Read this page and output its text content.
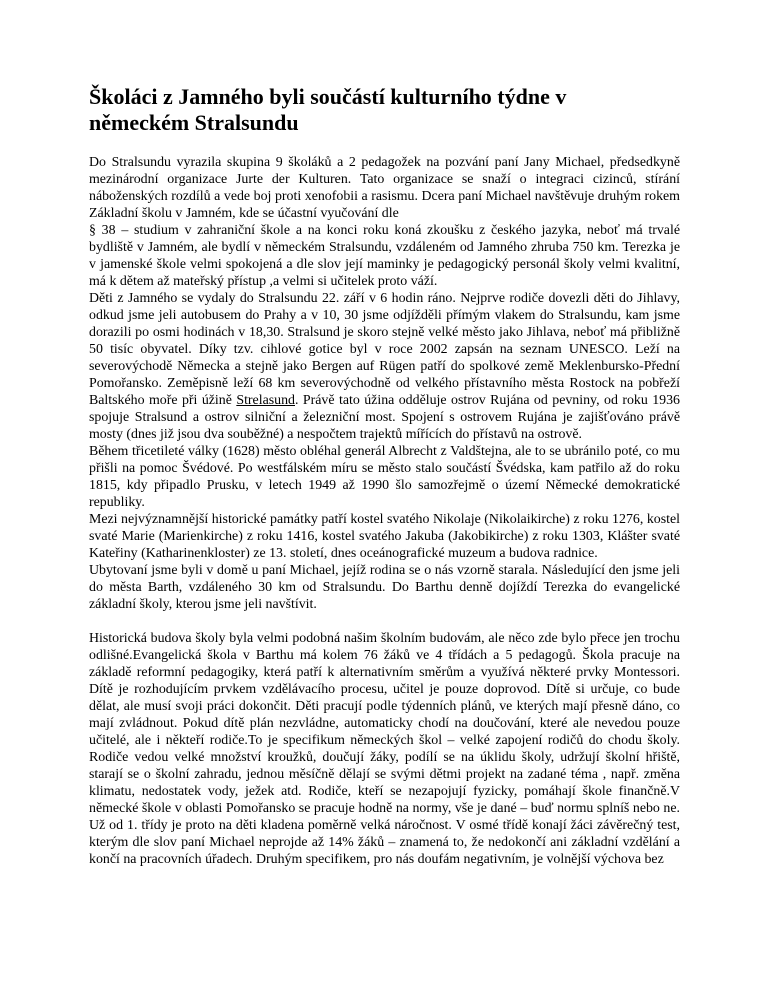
Školáci z Jamného byli součástí kulturního týdne v
německém Stralsundu

Do Stralsundu vyrazila skupina 9 školáků a 2 pedagožek na pozvání paní Jany Michael, předsedkyně mezinárodní organizace Jurte der Kulturen. Tato organizace se snaží o integraci cizinců, stírání náboženských rozdílů a vede boj proti xenofobii a rasismu. Dcera paní Michael navštěvuje druhým rokem Základní školu v Jamném, kde se účastní vyučování dle

§ 38 – studium v zahraniční škole a na konci roku koná zkoušku z českého jazyka, neboť má trvalé bydliště v Jamném, ale bydlí v německém Stralsundu, vzdáleném od Jamného zhruba 750 km. Terezka je v jamenské škole velmi spokojená a dle slov její maminky je pedagogický personál školy velmi kvalitní, má k dětem až mateřský přístup ,a velmi si učitelek proto váží.

Děti z Jamného se vydaly do Stralsundu 22. září v 6 hodin ráno. Nejprve rodiče dovezli děti do Jihlavy, odkud jsme jeli autobusem do Prahy a v 10, 30 jsme odjížděli přímým vlakem do Stralsundu, kam jsme dorazili po osmi hodinách v 18,30. Stralsund je skoro stejně velké město jako Jihlava, neboť má přibližně 50 tisíc obyvatel. Díky tzv. cihlové gotice byl v roce 2002 zapsán na seznam UNESCO. Leží na severovýchodě Německa a stejně jako Bergen auf Rügen patří do spolkové země Meklenbursko-Přední Pomořansko. Zeměpisně leží 68 km severovýchodně od velkého přístavního města Rostock na pobřeží Baltského moře při úžině Strelasund. Právě tato úžina odděluje ostrov Rujána od pevniny, od roku 1936 spojuje Stralsund a ostrov silniční a železniční most. Spojení s ostrovem Rujána je zajišťováno právě mosty (dnes již jsou dva souběžné) a nespočtem trajektů mířících do přístavů na ostrově.

Během třicetileté války (1628) město obléhal generál Albrecht z Valdštejna, ale to se ubránilo poté, co mu přišli na pomoc Švédové. Po westfálském míru se město stalo součástí Švédska, kam patřilo až do roku 1815, kdy připadlo Prusku, v letech 1949 až 1990 šlo samozřejmě o území Německé demokratické republiky.

Mezi nejvýznamnější historické památky patří kostel svatého Nikolaje (Nikolaikirche) z roku 1276, kostel svaté Marie (Marienkirche) z roku 1416, kostel svatého Jakuba (Jakobikirche) z roku 1303, Klášter svaté Kateřiny (Katharinenkloster) ze 13. století, dnes oceánografické muzeum a budova radnice.

Ubytovaní jsme byli v domě u paní Michael, jejíž rodina se o nás vzorně starala. Následující den jsme jeli do města Barth, vzdáleného 30 km od Stralsundu. Do Barthu denně dojíždí Terezka do evangelické základní školy, kterou jsme jeli navštívit.

Historická budova školy byla velmi podobná našim školním budovám, ale něco zde bylo přece jen trochu odlišné.Evangelická škola v Barthu má kolem 76 žáků ve 4 třídách a 5 pedagogů. Škola pracuje na základě reformní pedagogiky, která patří k alternativním směrům a využívá některé prvky Montessori. Dítě je rozhodujícím prvkem vzdělávacího procesu, učitel je pouze doprovod. Dítě si určuje, co bude dělat, ale musí svoji práci dokončit. Děti pracují podle týdenních plánů, ve kterých mají přesně dáno, co mají zvládnout. Pokud dítě plán nezvládne, automaticky chodí na doučování, které ale nevedou pouze učitelé, ale i někteří rodiče.To je specifikum německých škol – velké zapojení rodičů do chodu školy. Rodiče vedou velké množství kroužků, doučují žáky, podílí se na úklidu školy, udržují školní hřiště, starají se o školní zahradu, jednou měsíčně dělají se svými dětmi projekt na zadané téma , např. změna klimatu, nedostatek vody, ježek atd. Rodiče, kteří se nezapojují fyzicky, pomáhají škole finančně.V německé škole v oblasti Pomořansko se pracuje hodně na normy, vše je dané – buď normu splníš nebo ne. Už od 1. třídy je proto na děti kladena poměrně velká náročnost. V osmé třídě konají žáci závěrečný test, kterým dle slov paní Michael neprojde až 14% žáků – znamená to, že nedokončí ani základní vzdělání a končí na pracovních úřadech. Druhým specifikem, pro nás doufám negativním, je volnější výchova bez
